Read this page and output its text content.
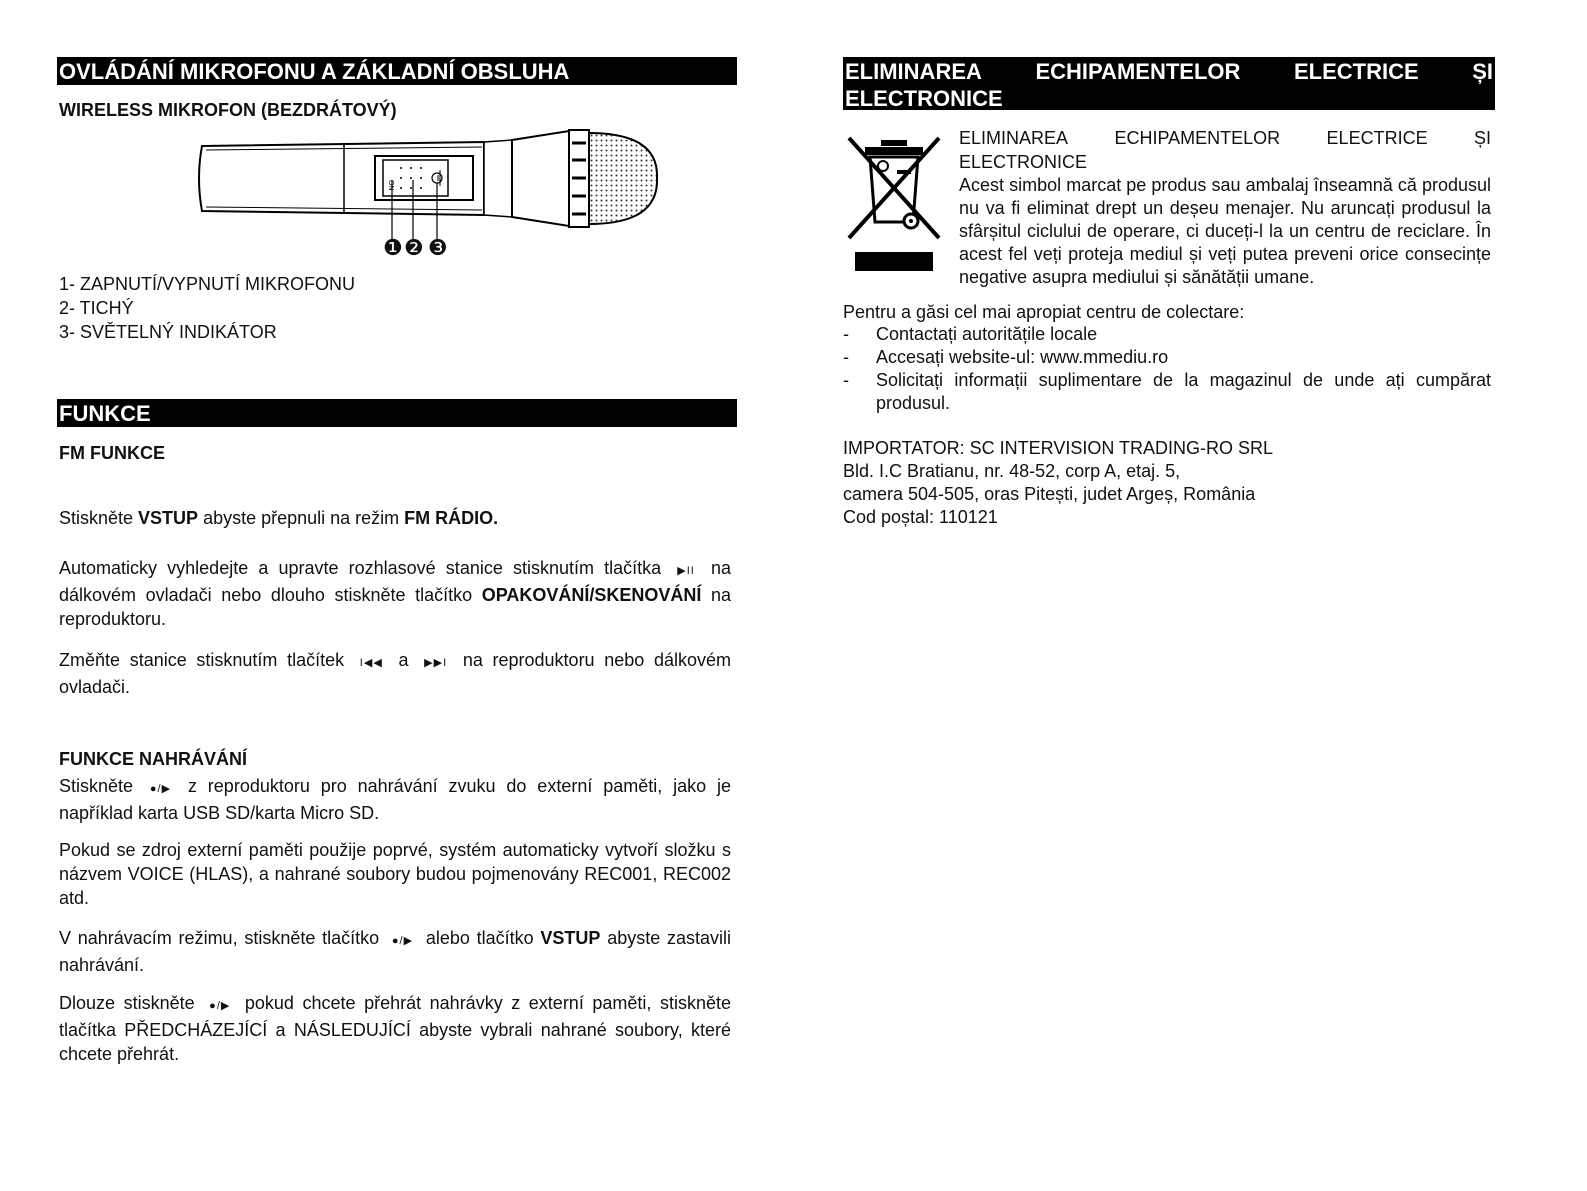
OVLÁDÁNÍ MIKROFONU A ZÁKLADNÍ OBSLUHA
WIRELESS MIKROFON (BEZDRÁTOVÝ)
ON
❶ ❷ ❸
1- ZAPNUTÍ/VYPNUTÍ MIKROFONU
2- TICHÝ
3- SVĚTELNÝ INDIKÁTOR
FUNKCE
FM FUNKCE

Stiskněte VSTUP abyste přepnuli na režim FM RÁDIO.

Automaticky vyhledejte a upravte rozhlasové stanice stisknutím tlačítka ▶II na dálkovém ovladači nebo dlouho stiskněte tlačítko OPAKOVÁNÍ/SKENOVÁNÍ na reproduktoru.

Změňte stanice stisknutím tlačítek I◀◀ a ▶▶I na reproduktoru nebo dálkovém ovladači.

FUNKCE NAHRÁVÁNÍ

Stiskněte ●/▶ z reproduktoru pro nahrávání zvuku do externí paměti, jako je například karta USB SD/karta Micro SD.

Pokud se zdroj externí paměti použije poprvé, systém automaticky vytvoří složku s názvem VOICE (HLAS), a nahrané soubory budou pojmenovány REC001, REC002 atd.

V nahrávacím režimu, stiskněte tlačítko ●/▶ alebo tlačítko VSTUP abyste zastavili nahrávání.

Dlouze stiskněte ●/▶ pokud chcete přehrát nahrávky z externí paměti, stiskněte tlačítka PŘEDCHÁZEJÍCÍ a NÁSLEDUJÍCÍ abyste vybrali nahrané soubory, které chcete přehrát.

ELIMINAREA ECHIPAMENTELOR ELECTRICE ȘI
ELECTRONICE
ELIMINAREA	ECHIPAMENTELOR	ELECTRICE	ȘI
ELECTRONICE

Acest simbol marcat pe produs sau ambalaj înseamnă că produsul nu va fi eliminat drept un deșeu menajer. Nu aruncați produsul la sfârșitul ciclului de operare, ci duceți-l la un centru de reciclare. În acest fel veți proteja mediul și veți putea preveni orice consecințe negative asupra mediului și sănătății umane.

Pentru a găsi cel mai apropiat centru de colectare:
-	Contactați autoritățile locale
-	Accesați website-ul: www.mmediu.ro
-	Solicitați informații suplimentare de la magazinul de unde ați cumpărat produsul.
IMPORTATOR: SC INTERVISION TRADING-RO SRL
Bld. I.C Bratianu, nr. 48-52, corp A, etaj. 5,
camera 504-505, oras Pitești, judet Argeș, România
Cod poștal: 110121
